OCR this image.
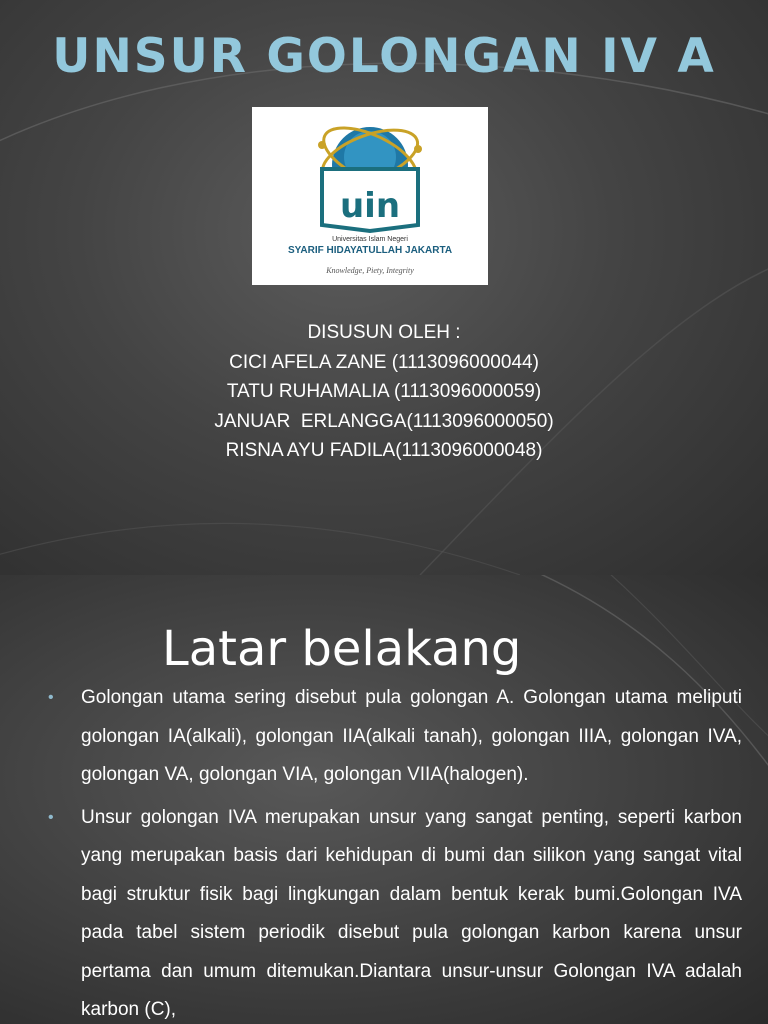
UNSUR GOLONGAN IV A
uin
Universitas Islam Negeri
SYARIF HIDAYATULLAH JAKARTA
Knowledge, Piety, Integrity
DISUSUN OLEH :
CICI AFELA ZANE (1113096000044)
TATU RUHAMALIA (1113096000059)
JANUAR  ERLANGGA(1113096000050)
RISNA AYU FADILA(1113096000048)
Latar belakang
• Golongan utama sering disebut pula golongan A. Golongan utama meliputi golongan IA(alkali), golongan IIA(alkali tanah), golongan IIIA, golongan IVA, golongan VA, golongan VIA, golongan VIIA(halogen).
• Unsur golongan IVA merupakan unsur yang sangat penting, seperti karbon yang merupakan basis dari kehidupan di bumi dan silikon yang sangat vital bagi struktur fisik bagi lingkungan dalam bentuk kerak bumi.Golongan IVA pada tabel sistem periodik disebut pula golongan karbon karena unsur pertama dan umum ditemukan.Diantara unsur-unsur Golongan IVA adalah karbon (C),
